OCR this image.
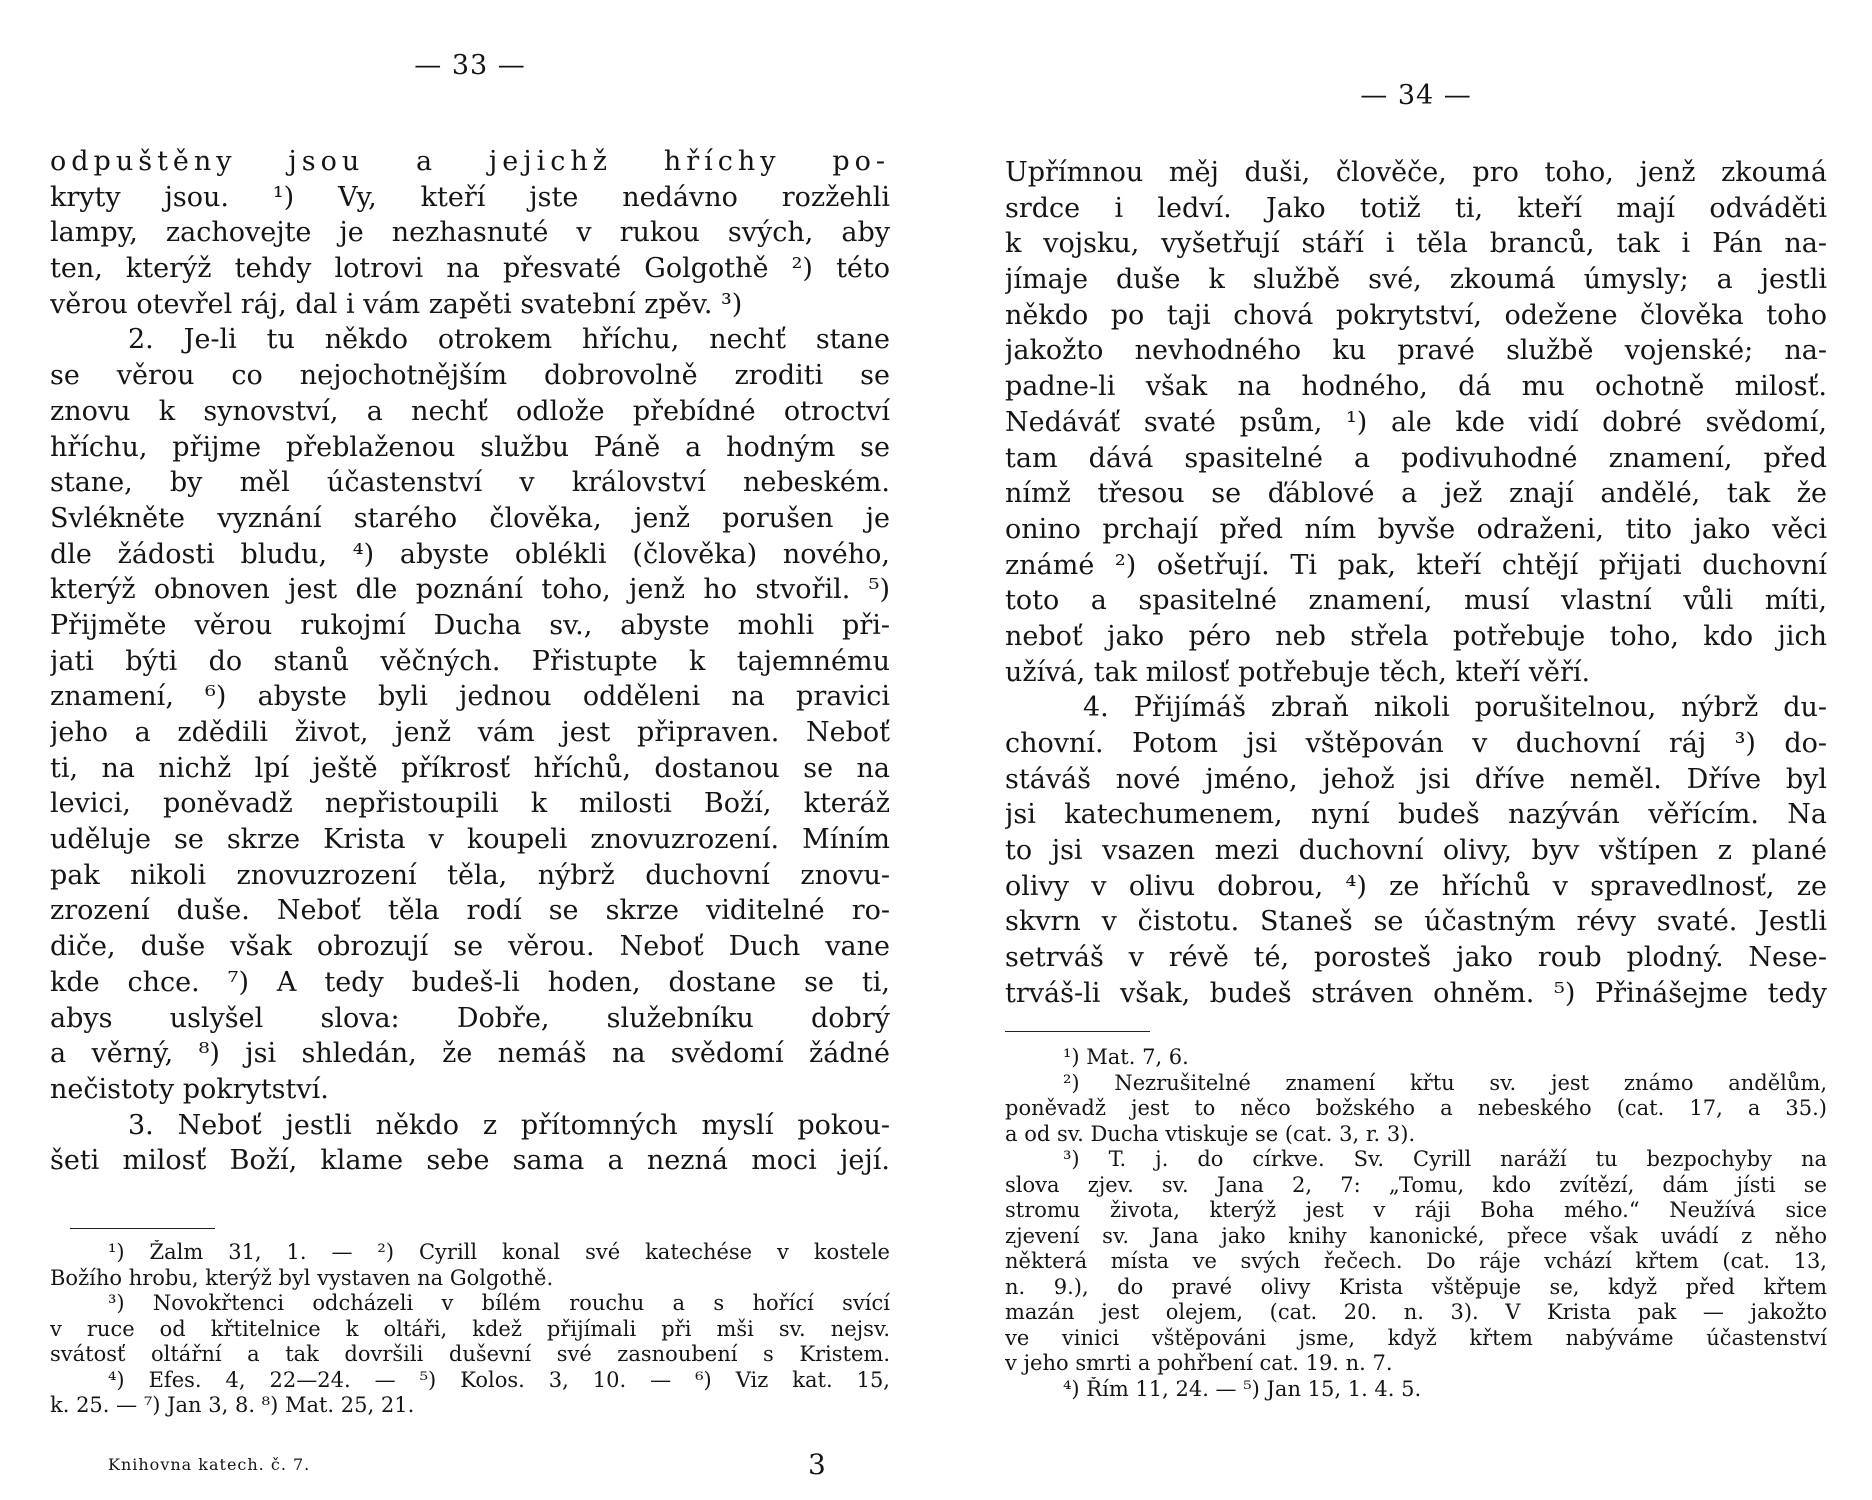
— 33 —
odpuštěny jsou a jejichž hříchy po-
kryty jsou. ¹) Vy, kteří jste nedávno rozžehli
lampy, zachovejte je nezhasnuté v rukou svých, aby
ten, kterýž tehdy lotrovi na přesvaté Golgothě ²) této
věrou otevřel ráj, dal i vám zapěti svatební zpěv. ³)
2. Je-li tu někdo otrokem hříchu, nechť stane
se věrou co nejochotnějším dobrovolně zroditi se
znovu k synovství, a nechť odlože přebídné otroctví
hříchu, přijme přeblaženou službu Páně a hodným se
stane, by měl účastenství v království nebeském.
Svlékněte vyznání starého člověka, jenž porušen je
dle žádosti bludu, ⁴) abyste oblékli (člověka) nového,
kterýž obnoven jest dle poznání toho, jenž ho stvořil. ⁵)
Přijměte věrou rukojmí Ducha sv., abyste mohli při-
jati býti do stanů věčných. Přistupte k tajemnému
znamení, ⁶) abyste byli jednou odděleni na pravici
jeho a zdědili život, jenž vám jest připraven. Neboť
ti, na nichž lpí ještě příkrosť hříchů, dostanou se na
levici, poněvadž nepřistoupili k milosti Boží, kteráž
uděluje se skrze Krista v koupeli znovuzrození. Míním
pak nikoli znovuzrození těla, nýbrž duchovní znovu-
zrození duše. Neboť těla rodí se skrze viditelné ro-
diče, duše však obrozují se věrou. Neboť Duch vane
kde chce. ⁷) A tedy budeš-li hoden, dostane se ti,
abys uslyšel slova: Dobře, služebníku dobrý
a věrný, ⁸) jsi shledán, že nemáš na svědomí žádné
nečistoty pokrytství.
3. Neboť jestli někdo z přítomných myslí pokou-
šeti milosť Boží, klame sebe sama a nezná moci její.
¹) Žalm 31, 1. — ²) Cyrill konal své katechése v kostele
Božího hrobu, kterýž byl vystaven na Golgothě.
³) Novokřtenci odcházeli v bílém rouchu a s hořící svící
v ruce od křtitelnice k oltáři, kdež přijímali při mši sv. nejsv.
svátosť oltářní a tak dovršili duševní své zasnoubení s Kristem.
⁴) Efes. 4, 22—24. — ⁵) Kolos. 3, 10. — ⁶) Viz kat. 15,
k. 25. — ⁷) Jan 3, 8. ⁸) Mat. 25, 21.
Knihovna katech. č. 7.	3
— 34 —
Upřímnou měj duši, člověče, pro toho, jenž zkoumá
srdce i ledví. Jako totiž ti, kteří mají odváděti
k vojsku, vyšetřují stáří i těla branců, tak i Pán na-
jímaje duše k službě své, zkoumá úmysly; a jestli
někdo po taji chová pokrytství, odežene člověka toho
jakožto nevhodného ku pravé službě vojenské; na-
padne-li však na hodného, dá mu ochotně milosť.
Nedáváť svaté psům, ¹) ale kde vidí dobré svědomí,
tam dává spasitelné a podivuhodné znamení, před
nímž třesou se ďáblové a jež znají andělé, tak že
onino prchají před ním byvše odraženi, tito jako věci
známé ²) ošetřují. Ti pak, kteří chtějí přijati duchovní
toto a spasitelné znamení, musí vlastní vůli míti,
neboť jako péro neb střela potřebuje toho, kdo jich
užívá, tak milosť potřebuje těch, kteří věří.
4. Přijímáš zbraň nikoli porušitelnou, nýbrž du-
chovní. Potom jsi vštěpován v duchovní ráj ³) do-
stáváš nové jméno, jehož jsi dříve neměl. Dříve byl
jsi katechumenem, nyní budeš nazýván věřícím. Na
to jsi vsazen mezi duchovní olivy, byv vštípen z plané
olivy v olivu dobrou, ⁴) ze hříchů v spravedlnosť, ze
skvrn v čistotu. Staneš se účastným révy svaté. Jestli
setrváš v révě té, porosteš jako roub plodný. Nese-
trváš-li však, budeš stráven ohněm. ⁵) Přinášejme tedy
¹) Mat. 7, 6.
²) Nezrušitelné znamení křtu sv. jest známo andělům,
poněvadž jest to něco božského a nebeského (cat. 17, a 35.)
a od sv. Ducha vtiskuje se (cat. 3, r. 3).
³) T. j. do církve. Sv. Cyrill naráží tu bezpochyby na
slova zjev. sv. Jana 2, 7: „Tomu, kdo zvítězí, dám jísti se
stromu života, kterýž jest v ráji Boha mého.“ Neužívá sice
zjevení sv. Jana jako knihy kanonické, přece však uvádí z něho
některá místa ve svých řečech. Do ráje vchází křtem (cat. 13,
n. 9.), do pravé olivy Krista vštěpuje se, když před křtem
mazán jest olejem, (cat. 20. n. 3). V Krista pak — jakožto
ve vinici vštěpováni jsme, když křtem nabýváme účastenství
v jeho smrti a pohřbení cat. 19. n. 7.
⁴) Řím 11, 24. — ⁵) Jan 15, 1. 4. 5.
